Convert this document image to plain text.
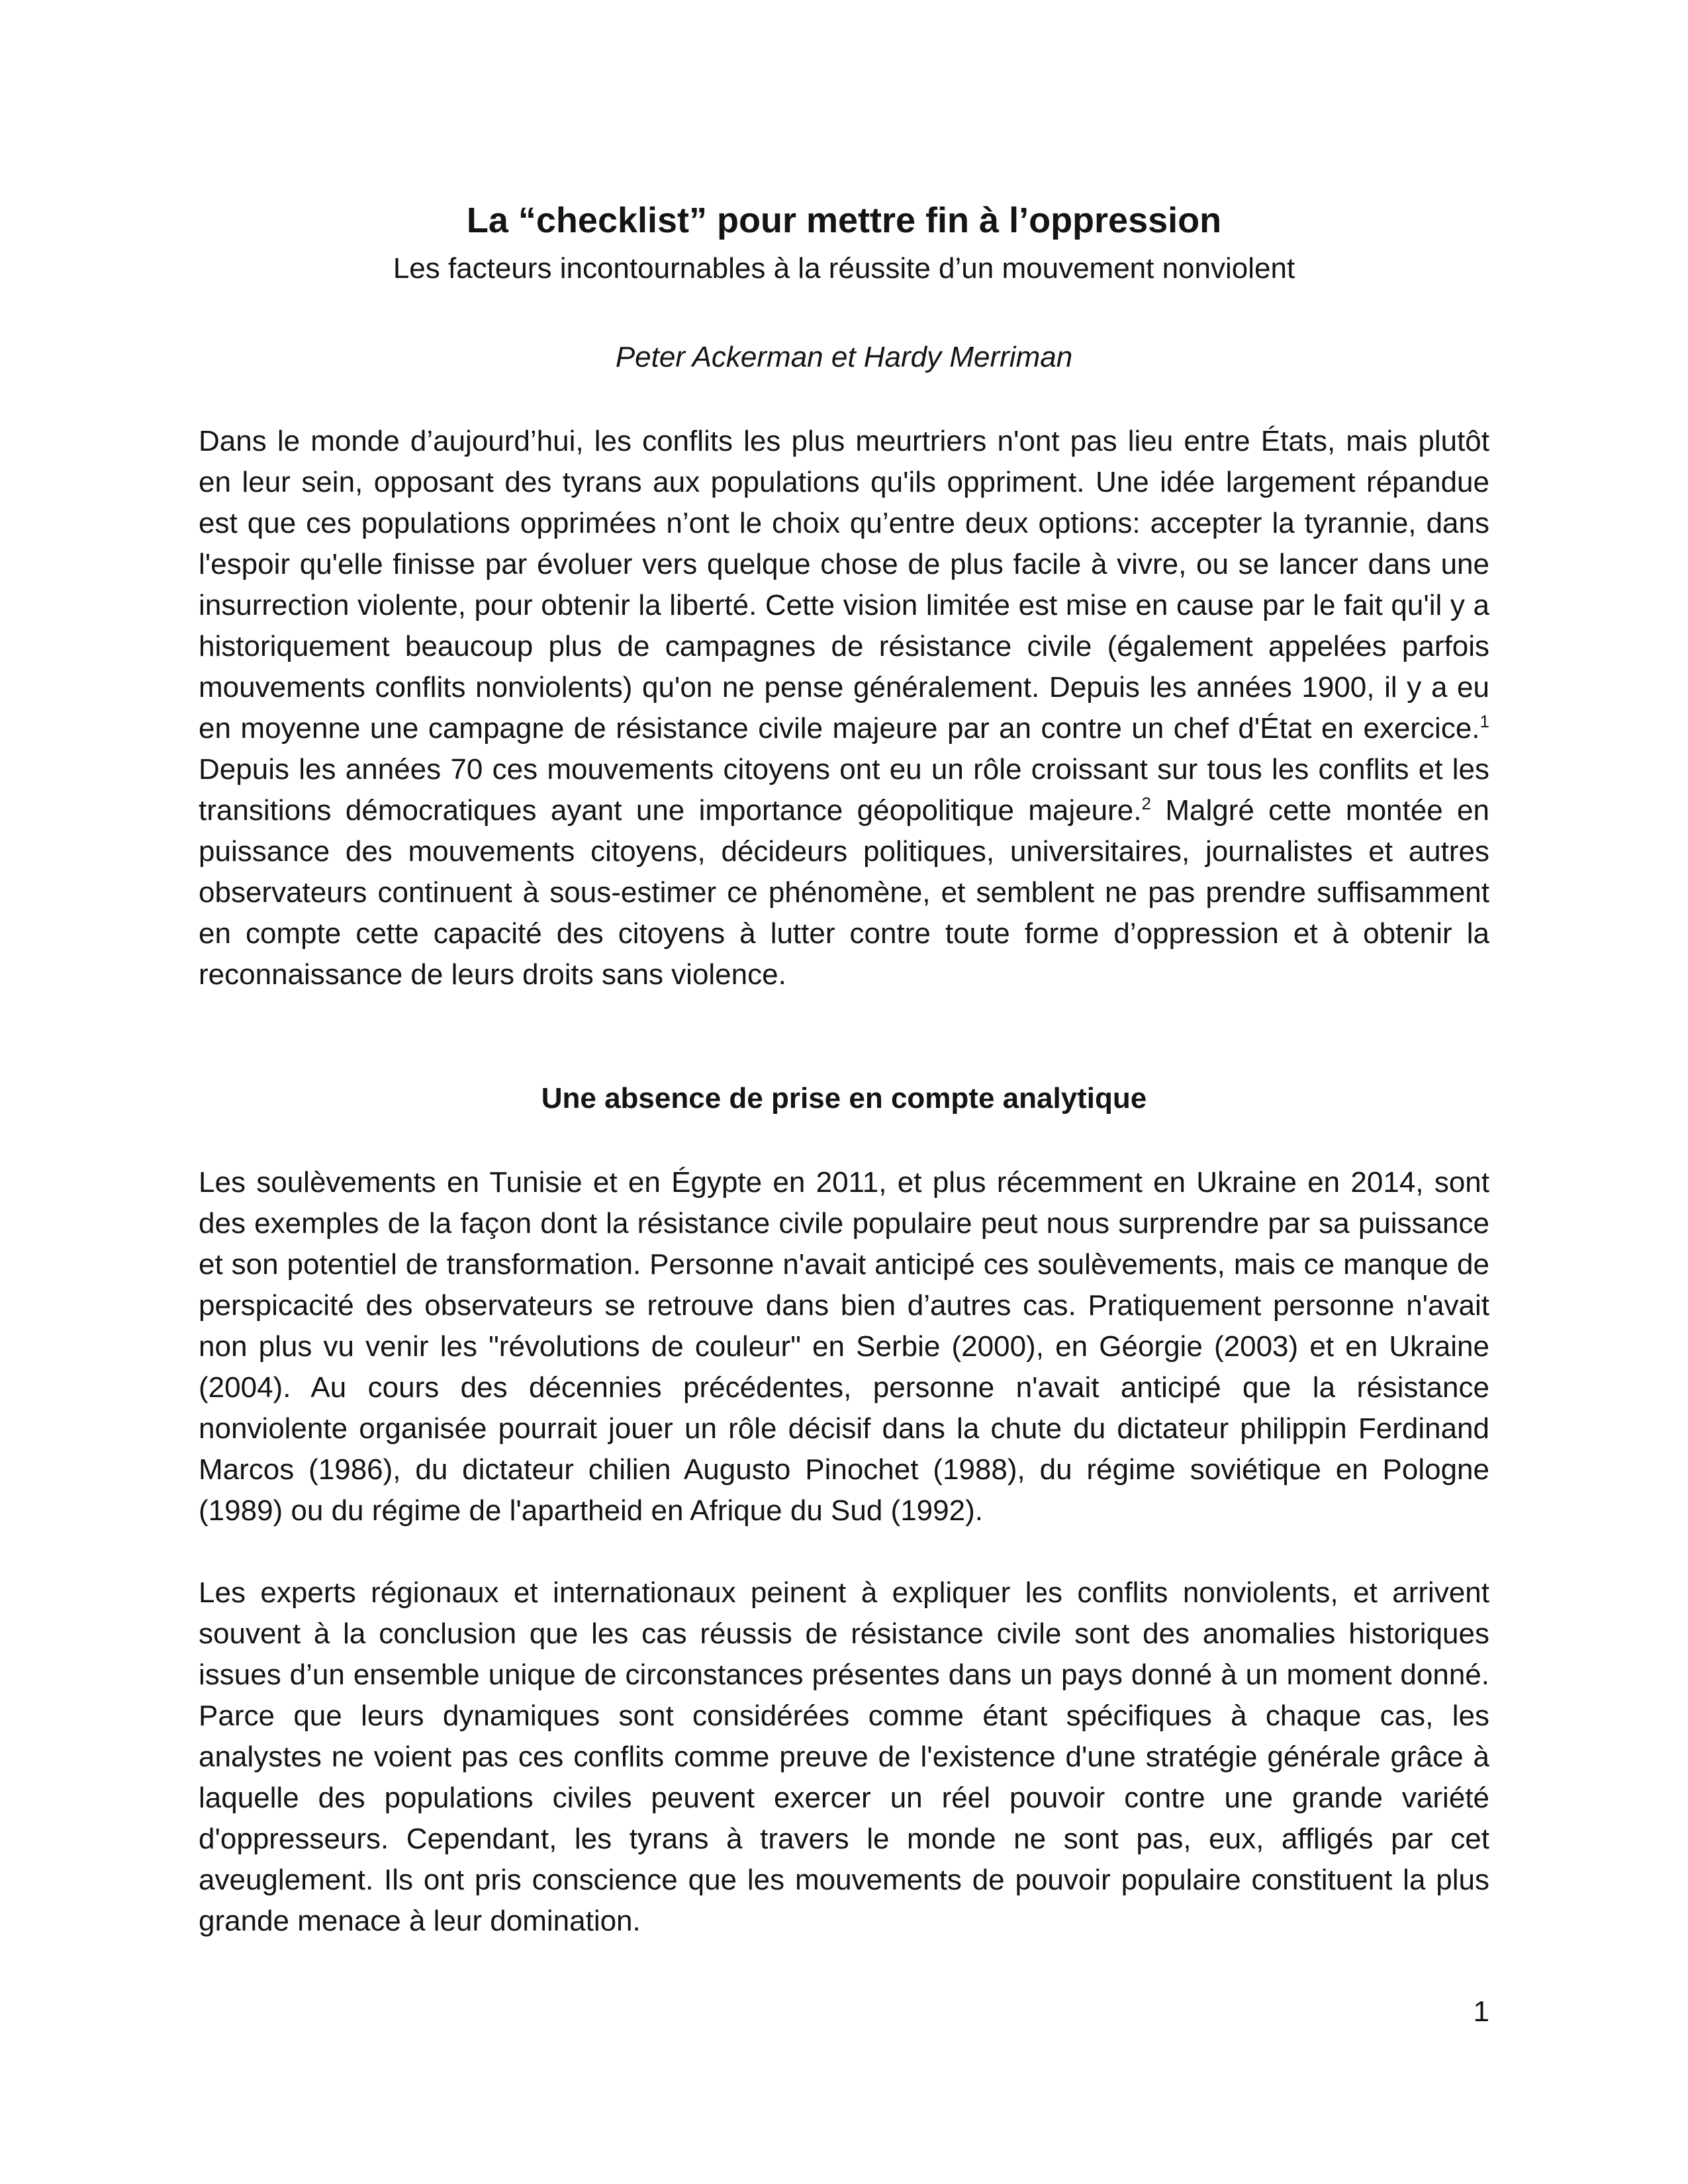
La “checklist” pour mettre fin à l’oppression

Les facteurs incontournables à la réussite d’un mouvement nonviolent

Peter Ackerman et Hardy Merriman

Dans le monde d’aujourd’hui, les conflits les plus meurtriers n'ont pas lieu entre États, mais plutôt en leur sein, opposant des tyrans aux populations qu'ils oppriment. Une idée largement répandue est que ces populations opprimées n’ont le choix qu’entre deux options: accepter la tyrannie, dans l'espoir qu'elle finisse par évoluer vers quelque chose de plus facile à vivre, ou se lancer dans une insurrection violente, pour obtenir la liberté. Cette vision limitée est mise en cause par le fait qu'il y a historiquement beaucoup plus de campagnes de résistance civile (également appelées parfois mouvements conflits nonviolents) qu'on ne pense généralement. Depuis les années 1900, il y a eu en moyenne une campagne de résistance civile majeure par an contre un chef d'État en exercice.$^1$ Depuis les années 70 ces mouvements citoyens ont eu un rôle croissant sur tous les conflits et les transitions démocratiques ayant une importance géopolitique majeure.$^2$ Malgré cette montée en puissance des mouvements citoyens, décideurs politiques, universitaires, journalistes et autres observateurs continuent à sous-estimer ce phénomène, et semblent ne pas prendre suffisamment en compte cette capacité des citoyens à lutter contre toute forme d’oppression et à obtenir la reconnaissance de leurs droits sans violence.

Une absence de prise en compte analytique

Les soulèvements en Tunisie et en Égypte en 2011, et plus récemment en Ukraine en 2014, sont des exemples de la façon dont la résistance civile populaire peut nous surprendre par sa puissance et son potentiel de transformation. Personne n'avait anticipé ces soulèvements, mais ce manque de perspicacité des observateurs se retrouve dans bien d’autres cas. Pratiquement personne n'avait non plus vu venir les "révolutions de couleur" en Serbie (2000), en Géorgie (2003) et en Ukraine (2004). Au cours des décennies précédentes, personne n'avait anticipé que la résistance nonviolente organisée pourrait jouer un rôle décisif dans la chute du dictateur philippin Ferdinand Marcos (1986), du dictateur chilien Augusto Pinochet (1988), du régime soviétique en Pologne (1989) ou du régime de l'apartheid en Afrique du Sud (1992).

Les experts régionaux et internationaux peinent à expliquer les conflits nonviolents, et arrivent souvent à la conclusion que les cas réussis de résistance civile sont des anomalies historiques issues d’un ensemble unique de circonstances présentes dans un pays donné à un moment donné. Parce que leurs dynamiques sont considérées comme étant spécifiques à chaque cas, les analystes ne voient pas ces conflits comme preuve de l'existence d'une stratégie générale grâce à laquelle des populations civiles peuvent exercer un réel pouvoir contre une grande variété d'oppresseurs. Cependant, les tyrans à travers le monde ne sont pas, eux, affligés par cet aveuglement. Ils ont pris conscience que les mouvements de pouvoir populaire constituent la plus grande menace à leur domination.

1
